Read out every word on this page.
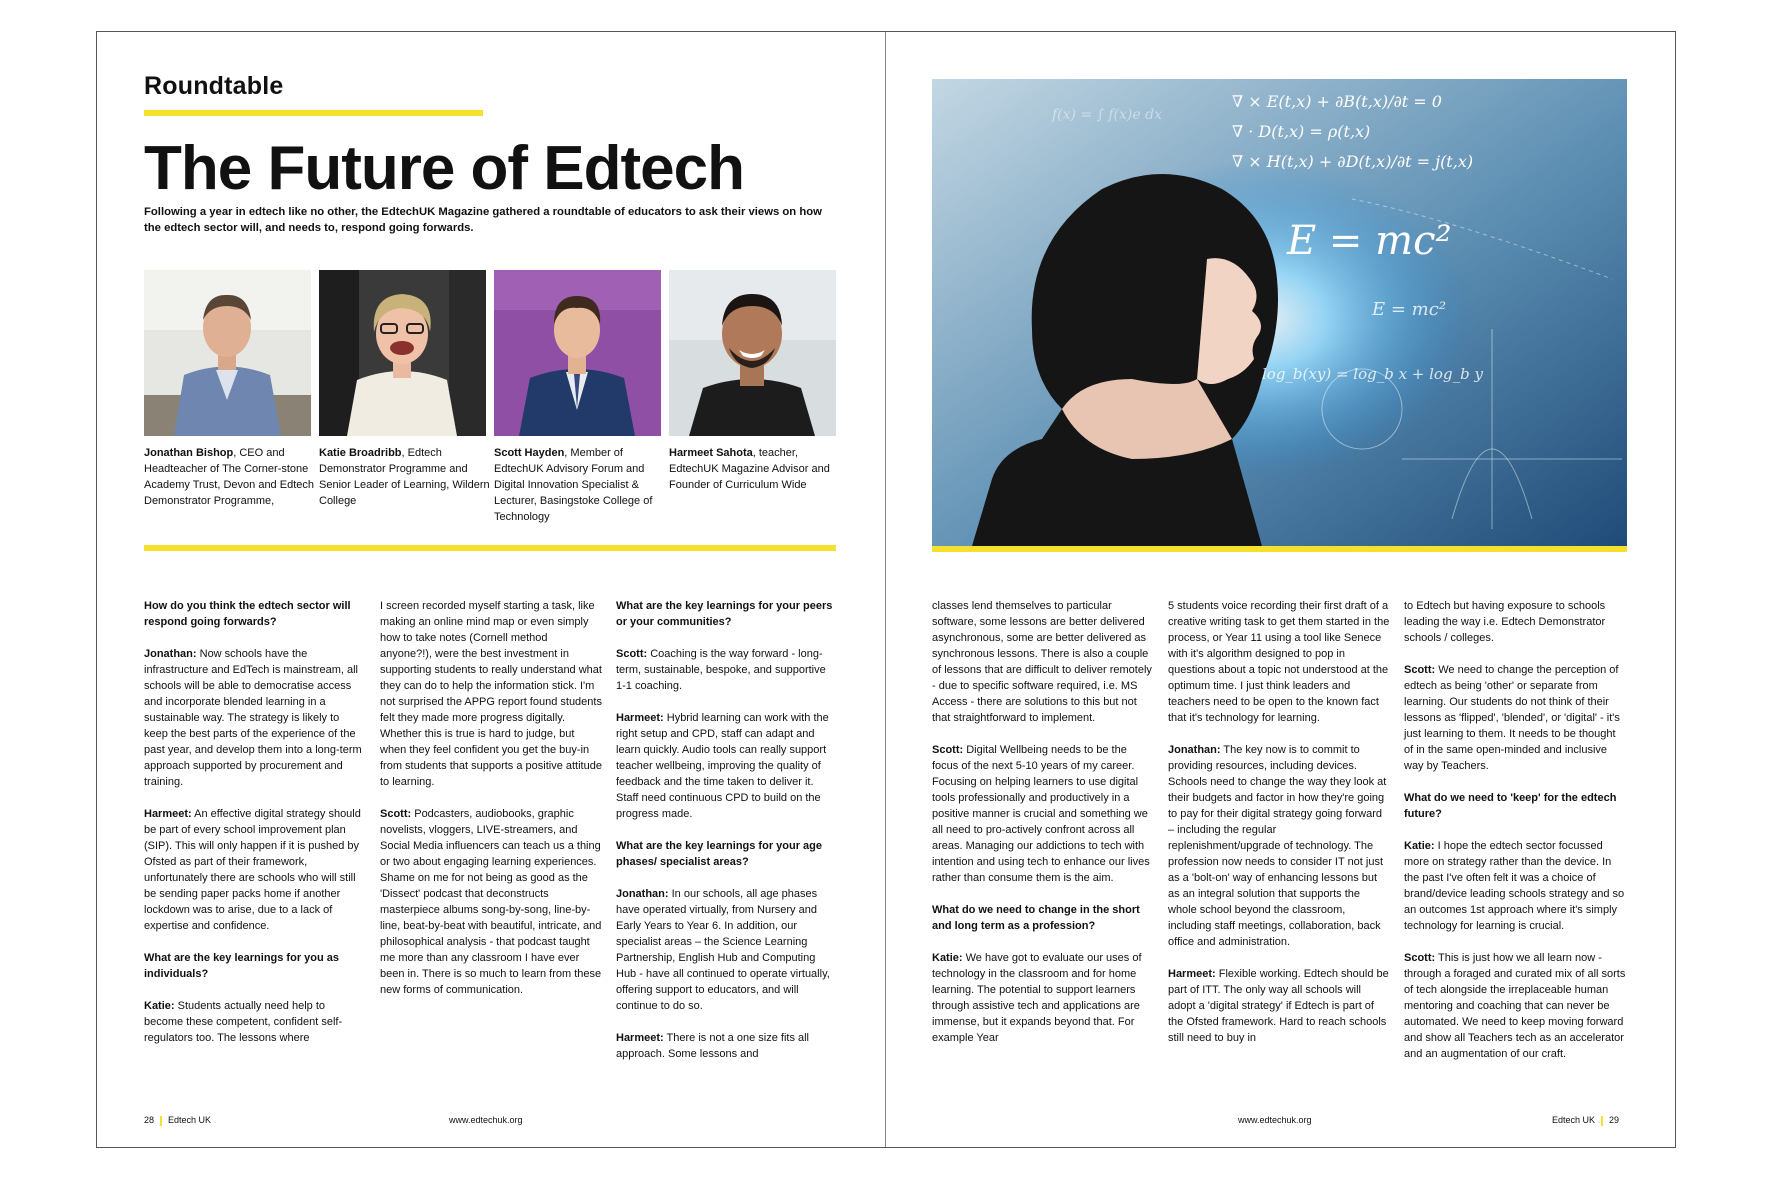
Roundtable
The Future of Edtech

Following a year in edtech like no other, the EdtechUK Magazine gathered a roundtable of educators to ask their views on how the edtech sector will, and needs to, respond going forwards.

Jonathan Bishop, CEO and Headteacher of The Corner-stone Academy Trust, Devon and Edtech Demonstrator Programme,
Katie Broadribb, Edtech Demonstrator Programme and Senior Leader of Learning, Wildern College
Scott Hayden, Member of EdtechUK Advisory Forum and Digital Innovation Specialist & Lecturer, Basingstoke College of Technology
Harmeet Sahota, teacher, EdtechUK Magazine Advisor and Founder of Curriculum Wide

How do you think the edtech sector will respond going forwards?

Jonathan: Now schools have the infrastructure and EdTech is mainstream, all schools will be able to democratise access and incorporate blended learning in a sustainable way. The strategy is likely to keep the best parts of the experience of the past year, and develop them into a long-term approach supported by procurement and training.

Harmeet: An effective digital strategy should be part of every school improvement plan (SIP). This will only happen if it is pushed by Ofsted as part of their framework, unfortunately there are schools who will still be sending paper packs home if another lockdown was to arise, due to a lack of expertise and confidence.

What are the key learnings for you as individuals?

Katie: Students actually need help to become these competent, confident self-regulators too. The lessons where

I screen recorded myself starting a task, like making an online mind map or even simply how to take notes (Cornell method anyone?!), were the best investment in supporting students to really understand what they can do to help the information stick. I'm not surprised the APPG report found students felt they made more progress digitally. Whether this is true is hard to judge, but when they feel confident you get the buy-in from students that supports a positive attitude to learning.

Scott: Podcasters, audiobooks, graphic novelists, vloggers, LIVE-streamers, and Social Media influencers can teach us a thing or two about engaging learning experiences. Shame on me for not being as good as the 'Dissect' podcast that deconstructs masterpiece albums song-by-song, line-by-line, beat-by-beat with beautiful, intricate, and philosophical analysis - that podcast taught me more than any classroom I have ever been in. There is so much to learn from these new forms of communication.

What are the key learnings for your peers or your communities?

Scott: Coaching is the way forward - long-term, sustainable, bespoke, and supportive 1-1 coaching.

Harmeet: Hybrid learning can work with the right setup and CPD, staff can adapt and learn quickly. Audio tools can really support teacher wellbeing, improving the quality of feedback and the time taken to deliver it. Staff need continuous CPD to build on the progress made.

What are the key learnings for your age phases/ specialist areas?

Jonathan: In our schools, all age phases have operated virtually, from Nursery and Early Years to Year 6. In addition, our specialist areas – the Science Learning Partnership, English Hub and Computing Hub - have all continued to operate virtually, offering support to educators, and will continue to do so.

Harmeet: There is not a one size fits all approach. Some lessons and

28 Edtech UK	www.edtechuk.org
∇ × E(t,x) + ∂B(t,x)/∂t = 0
∇ · D(t,x) = ρ(t,x)
∇ × H(t,x) + ∂D(t,x)/∂t = j(t,x)
E = mc²
E = mc²
log_b(xy) = log_b x + log_b y
f(x) = ∫ f(x)e dx

classes lend themselves to particular software, some lessons are better delivered asynchronous, some are better delivered as synchronous lessons. There is also a couple of lessons that are difficult to deliver remotely - due to specific software required, i.e. MS Access - there are solutions to this but not that straightforward to implement.

Scott: Digital Wellbeing needs to be the focus of the next 5-10 years of my career. Focusing on helping learners to use digital tools professionally and productively in a positive manner is crucial and something we all need to pro-actively confront across all areas. Managing our addictions to tech with intention and using tech to enhance our lives rather than consume them is the aim.

What do we need to change in the short and long term as a profession?

Katie: We have got to evaluate our uses of technology in the classroom and for home learning. The potential to support learners through assistive tech and applications are immense, but it expands beyond that. For example Year

5 students voice recording their first draft of a creative writing task to get them started in the process, or Year 11 using a tool like Senece with it's algorithm designed to pop in questions about a topic not understood at the optimum time. I just think leaders and teachers need to be open to the known fact that it's technology for learning.

Jonathan: The key now is to commit to providing resources, including devices. Schools need to change the way they look at their budgets and factor in how they're going to pay for their digital strategy going forward – including the regular replenishment/upgrade of technology. The profession now needs to consider IT not just as a 'bolt-on' way of enhancing lessons but as an integral solution that supports the whole school beyond the classroom, including staff meetings, collaboration, back office and administration.

Harmeet: Flexible working. Edtech should be part of ITT. The only way all schools will adopt a 'digital strategy' if Edtech is part of the Ofsted framework. Hard to reach schools still need to buy in

to Edtech but having exposure to schools leading the way i.e. Edtech Demonstrator schools / colleges.

Scott: We need to change the perception of edtech as being 'other' or separate from learning. Our students do not think of their lessons as 'flipped', 'blended', or 'digital' - it's just learning to them. It needs to be thought of in the same open-minded and inclusive way by Teachers.

What do we need to 'keep' for the edtech future?

Katie: I hope the edtech sector focussed more on strategy rather than the device. In the past I've often felt it was a choice of brand/device leading schools strategy and so an outcomes 1st approach where it's simply technology for learning is crucial.

Scott: This is just how we all learn now - through a foraged and curated mix of all sorts of tech alongside the irreplaceable human mentoring and coaching that can never be automated. We need to keep moving forward and show all Teachers tech as an accelerator and an augmentation of our craft.

www.edtechuk.org	Edtech UK 29
